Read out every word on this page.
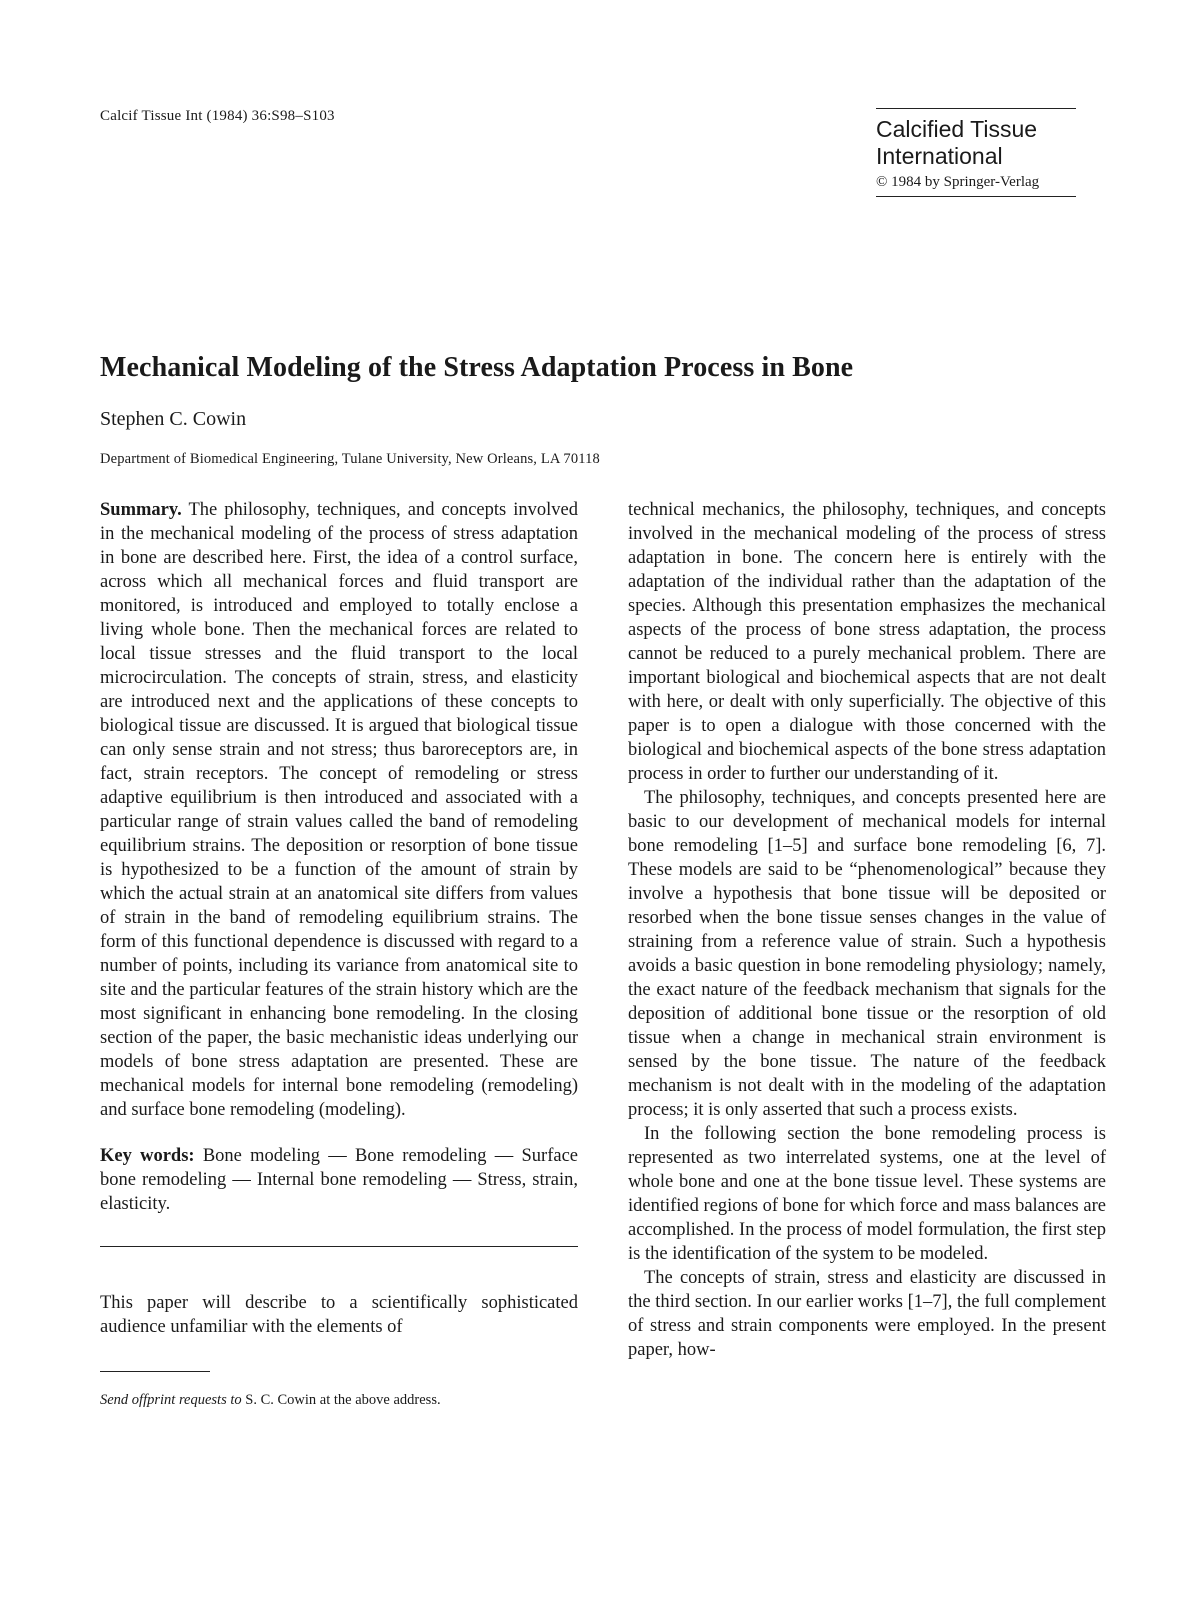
Calcif Tissue Int (1984) 36:S98–S103	Calcified Tissue
International
© 1984 by Springer-Verlag
Mechanical Modeling of the Stress Adaptation Process in Bone
Stephen C. Cowin
Department of Biomedical Engineering, Tulane University, New Orleans, LA 70118

Summary. The philosophy, techniques, and concepts involved in the mechanical modeling of the process of stress adaptation in bone are described here. First, the idea of a control surface, across which all mechanical forces and fluid transport are monitored, is introduced and employed to totally enclose a living whole bone. Then the mechanical forces are related to local tissue stresses and the fluid transport to the local microcirculation. The concepts of strain, stress, and elasticity are introduced next and the applications of these concepts to biological tissue are discussed. It is argued that biological tissue can only sense strain and not stress; thus baroreceptors are, in fact, strain receptors. The concept of remodeling or stress adaptive equilibrium is then introduced and associated with a particular range of strain values called the band of remodeling equilibrium strains. The deposition or resorption of bone tissue is hypothesized to be a function of the amount of strain by which the actual strain at an anatomical site differs from values of strain in the band of remodeling equilibrium strains. The form of this functional dependence is discussed with regard to a number of points, including its variance from anatomical site to site and the particular features of the strain history which are the most significant in enhancing bone remodeling. In the closing section of the paper, the basic mechanistic ideas underlying our models of bone stress adaptation are presented. These are mechanical models for internal bone remodeling (remodeling) and surface bone remodeling (modeling).

Key words: Bone modeling — Bone remodeling — Surface bone remodeling — Internal bone remodeling — Stress, strain, elasticity.

This paper will describe to a scientifically sophisticated audience unfamiliar with the elements of

Send offprint requests to S. C. Cowin at the above address.

technical mechanics, the philosophy, techniques, and concepts involved in the mechanical modeling of the process of stress adaptation in bone. The concern here is entirely with the adaptation of the individual rather than the adaptation of the species. Although this presentation emphasizes the mechanical aspects of the process of bone stress adaptation, the process cannot be reduced to a purely mechanical problem. There are important biological and biochemical aspects that are not dealt with here, or dealt with only superficially. The objective of this paper is to open a dialogue with those concerned with the biological and biochemical aspects of the bone stress adaptation process in order to further our understanding of it.

The philosophy, techniques, and concepts presented here are basic to our development of mechanical models for internal bone remodeling [1–5] and surface bone remodeling [6, 7]. These models are said to be “phenomenological” because they involve a hypothesis that bone tissue will be deposited or resorbed when the bone tissue senses changes in the value of straining from a reference value of strain. Such a hypothesis avoids a basic question in bone remodeling physiology; namely, the exact nature of the feedback mechanism that signals for the deposition of additional bone tissue or the resorption of old tissue when a change in mechanical strain environment is sensed by the bone tissue. The nature of the feedback mechanism is not dealt with in the modeling of the adaptation process; it is only asserted that such a process exists.

In the following section the bone remodeling process is represented as two interrelated systems, one at the level of whole bone and one at the bone tissue level. These systems are identified regions of bone for which force and mass balances are accomplished. In the process of model formulation, the first step is the identification of the system to be modeled.

The concepts of strain, stress and elasticity are discussed in the third section. In our earlier works [1–7], the full complement of stress and strain components were employed. In the present paper, how-
